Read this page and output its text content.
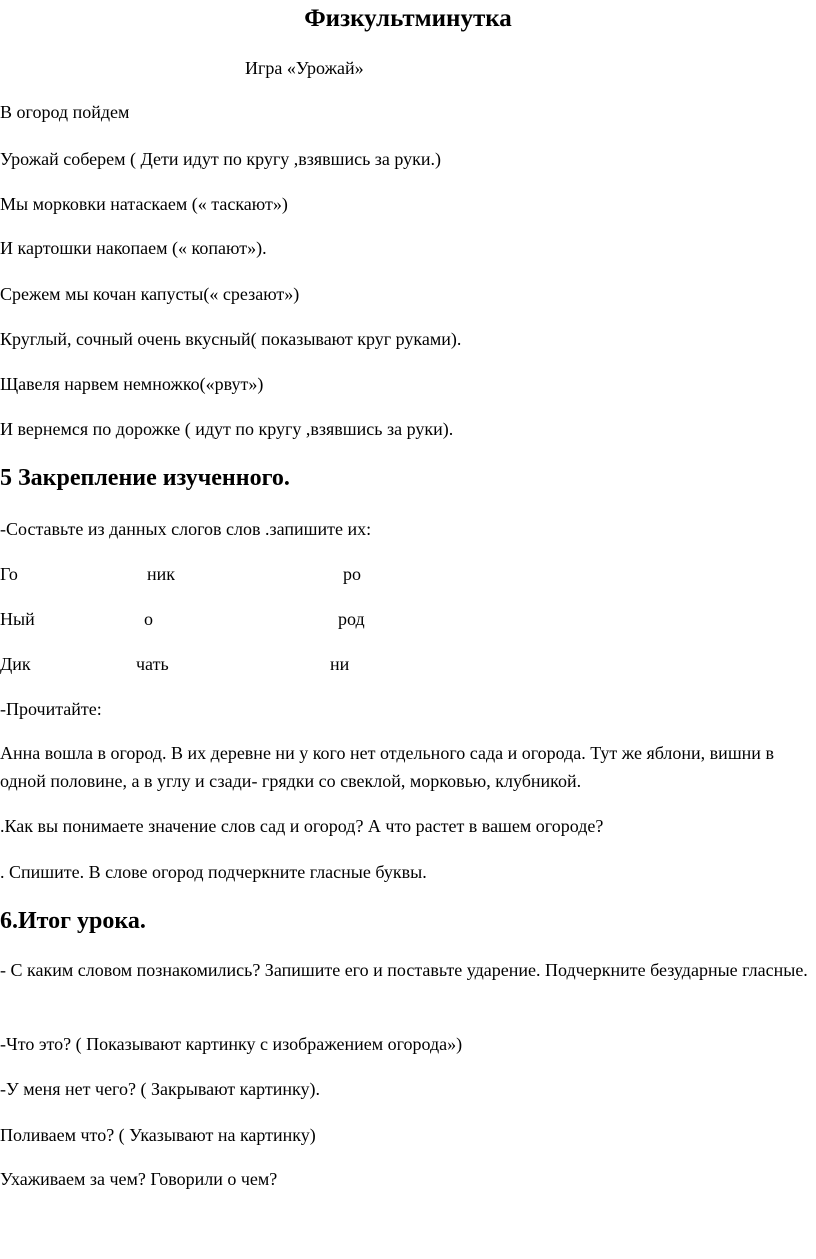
Физкультминутка
Игра «Урожай»
В огород пойдем
Урожай соберем ( Дети идут по кругу ,взявшись за руки.)
Мы морковки натаскаем (« таскают»)
И картошки накопаем (« копают»).
Срежем мы кочан капусты(« срезают»)
Круглый, сочный очень вкусный( показывают круг руками).
Щавеля нарвем немножко(«рвут»)
И вернемся по дорожке ( идут по кругу ,взявшись за руки).
5 Закрепление изученного.
-Составьте из данных слогов слов .запишите их:
Го	ник	ро
Ный	о	род
Дик	чать	ни
-Прочитайте:
Анна вошла в огород. В их деревне ни у кого нет отдельного сада и огорода. Тут же яблони, вишни в одной половине, а в углу и сзади- грядки со свеклой, морковью, клубникой.
.Как вы понимаете значение слов сад и огород? А что растет в вашем огороде?
. Спишите. В слове огород подчеркните гласные буквы.
6.Итог урока.
- С каким словом познакомились? Запишите его и поставьте ударение. Подчеркните безударные гласные.
-Что это? ( Показывают картинку с изображением огорода»)
-У меня нет чего? ( Закрывают картинку).
Поливаем что? ( Указывают на картинку)
Ухаживаем за чем? Говорили о чем?
